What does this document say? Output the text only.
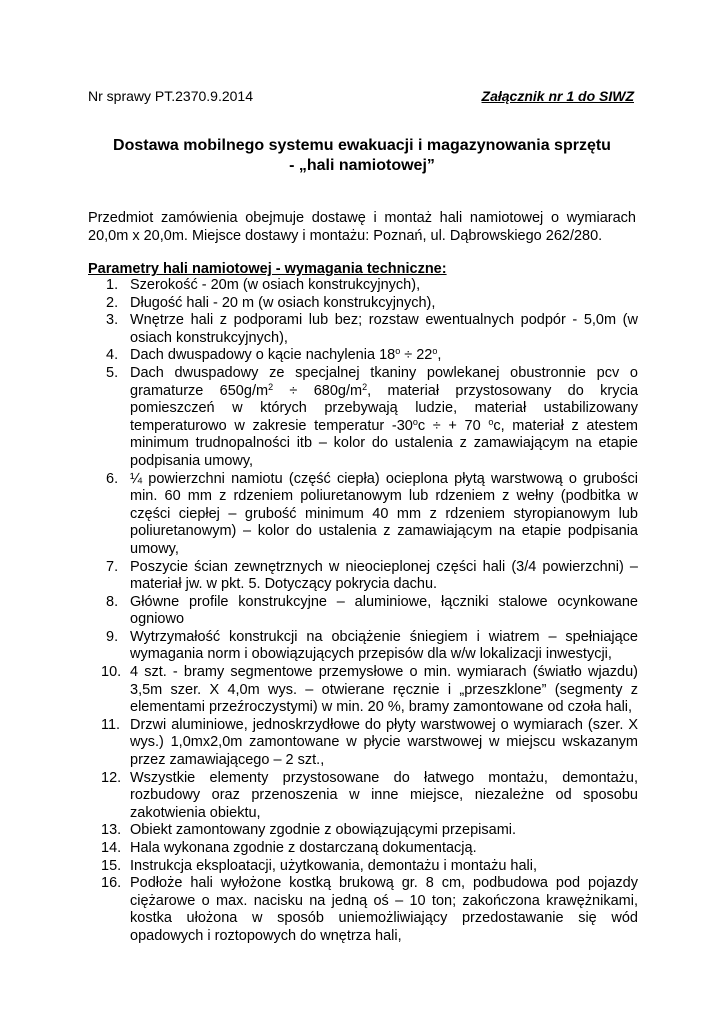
Nr sprawy PT.2370.9.2014	Załącznik nr 1 do SIWZ
Dostawa mobilnego systemu ewakuacji i magazynowania sprzętu
- „hali namiotowej”
Przedmiot zamówienia obejmuje dostawę i montaż hali namiotowej o wymiarach 20,0m x 20,0m. Miejsce dostawy i montażu: Poznań, ul. Dąbrowskiego 262/280.
Parametry hali namiotowej - wymagania techniczne:
1. Szerokość - 20m (w osiach konstrukcyjnych),
2. Długość hali - 20 m (w osiach konstrukcyjnych),
3. Wnętrze hali z podporami lub bez; rozstaw ewentualnych podpór - 5,0m (w osiach konstrukcyjnych),
4. Dach dwuspadowy o kącie nachylenia $18^o \div 22^o$,
5. Dach dwuspadowy ze specjalnej tkaniny powlekanej obustronnie pcv o gramaturze $650g/m^2 \div 680g/m^2$, materiał przystosowany do krycia pomieszczeń w których przebywają ludzie, materiał ustabilizowany temperaturowo w zakresie temperatur $-30^oc$ ÷ + 70 $^o$c, materiał z atestem minimum trudnopalności itb – kolor do ustalenia z zamawiającym na etapie podpisania umowy,
6. ¼ powierzchni namiotu (część ciepła) ocieplona płytą warstwową o grubości min. 60 mm z rdzeniem poliuretanowym lub rdzeniem z wełny (podbitka w części ciepłej – grubość minimum 40 mm z rdzeniem styropianowym lub poliuretanowym) – kolor do ustalenia z zamawiającym na etapie podpisania umowy,
7. Poszycie ścian zewnętrznych w nieocieplonej części hali (3/4 powierzchni) – materiał jw. w pkt. 5. Dotyczący pokrycia dachu.
8. Główne profile konstrukcyjne – aluminiowe, łączniki stalowe ocynkowane ogniowo
9. Wytrzymałość konstrukcji na obciążenie śniegiem i wiatrem – spełniające wymagania norm i obowiązujących przepisów dla w/w lokalizacji inwestycji,
10. 4 szt. - bramy segmentowe przemysłowe o min. wymiarach (światło wjazdu) 3,5m szer. X 4,0m wys. – otwierane ręcznie i „przeszklone” (segmenty z elementami przeźroczystymi) w min. 20 %, bramy zamontowane od czoła hali,
11. Drzwi aluminiowe, jednoskrzydłowe do płyty warstwowej o wymiarach (szer. X wys.) 1,0mx2,0m zamontowane w płycie warstwowej w miejscu wskazanym przez zamawiającego – 2 szt.,
12. Wszystkie elementy przystosowane do łatwego montażu, demontażu, rozbudowy oraz przenoszenia w inne miejsce, niezależne od sposobu zakotwienia obiektu,
13. Obiekt zamontowany zgodnie z obowiązującymi przepisami.
14. Hala wykonana zgodnie z dostarczaną dokumentacją.
15. Instrukcja eksploatacji, użytkowania, demontażu i montażu hali,
16. Podłoże hali wyłożone kostką brukową gr. 8 cm, podbudowa pod pojazdy ciężarowe o max. nacisku na jedną oś – 10 ton; zakończona krawężnikami, kostka ułożona w sposób uniemożliwiający przedostawanie się wód opadowych i roztopowych do wnętrza hali,
